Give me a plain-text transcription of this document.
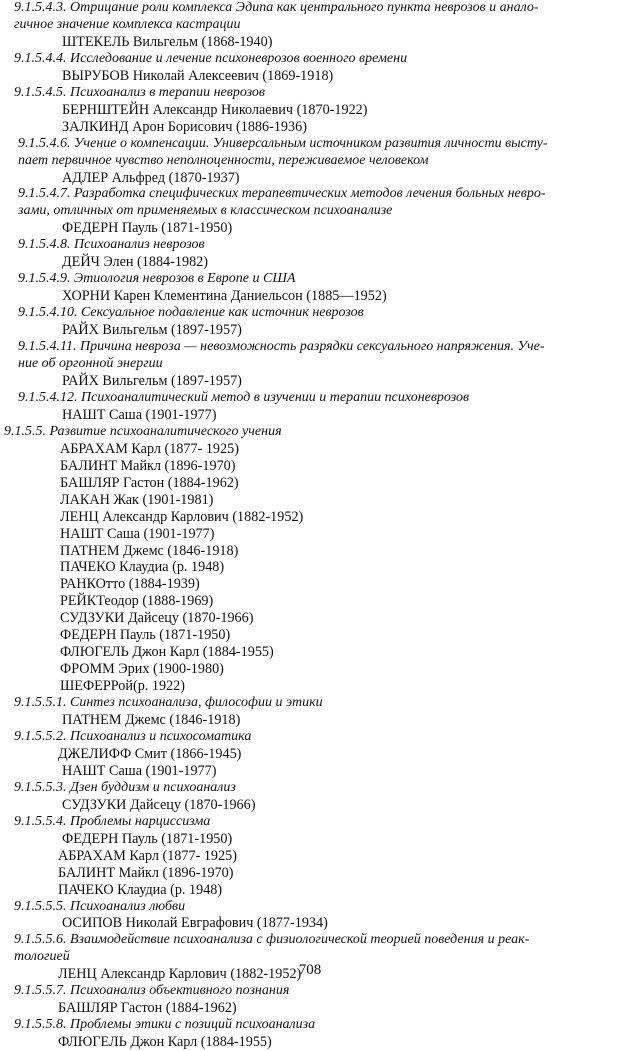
9.1.5.4.3. Отрицание роли комплекса Эдипа как центрального пункта неврозов и анало-
гичное значение комплекса кастрации
ШТЕКЕЛЬ Вильгельм (1868-1940)
9.1.5.4.4. Исследование и лечение психоневрозов военного времени
ВЫРУБОВ Николай Алексеевич (1869-1918)
9.1.5.4.5. Психоанализ в терапии неврозов
БЕРНШТЕЙН Александр Николаевич (1870-1922)
ЗАЛКИНД Арон Борисович (1886-1936)
9.1.5.4.6. Учение о компенсации. Универсальным источником развития личности высту-
пает первичное чувство неполноценности, переживаемое человеком
АДЛЕР Альфред (1870-1937)
9.1.5.4.7. Разработка специфических терапевтических методов лечения больных невро-
зами, отличных от применяемых в классическом психоанализе
ФЕДЕРН Пауль (1871-1950)
9.1.5.4.8. Психоанализ неврозов
ДЕЙЧ Элен (1884-1982)
9.1.5.4.9. Этиология неврозов в Европе и США
ХОРНИ Карен Клементина Даниельсон (1885—1952)
9.1.5.4.10. Сексуальное подавление как источник неврозов
РАЙХ Вильгельм (1897-1957)
9.1.5.4.11. Причина невроза — невозможность разрядки сексуального напряжения. Уче-
ние об оргонной энергии
РАЙХ Вильгельм (1897-1957)
9.1.5.4.12. Психоаналитический метод в изучении и терапии психоневрозов
НАШТ Саша (1901-1977)
9.1.5.5. Развитие психоаналитического учения
АБРАХАМ Карл (1877- 1925)
БАЛИНТ Майкл (1896-1970)
БАШЛЯР Гастон (1884-1962)
ЛАКАН Жак (1901-1981)
ЛЕНЦ Александр Карлович (1882-1952)
НАШТ Саша (1901-1977)
ПАТНЕМ Джемс (1846-1918)
ПАЧЕКО Клаудиа (р. 1948)
РАНКОтто (1884-1939)
РЕЙКТеодор (1888-1969)
СУДЗУКИ Дайсецу (1870-1966)
ФЕДЕРН Пауль (1871-1950)
ФЛЮГЕЛЬ Джон Карл (1884-1955)
ФРОММ Эрих (1900-1980)
ШЕФЕРРой(р. 1922)
9.1.5.5.1. Синтез психоанализа, философии и этики
ПАТНЕМ Джемс (1846-1918)
9.1.5.5.2. Психоанализ и психосоматика
ДЖЕЛИФФ Смит (1866-1945)
НАШТ Саша (1901-1977)
9.1.5.5.3. Дзен буддизм и психоанализ
СУДЗУКИ Дайсецу (1870-1966)
9.1.5.5.4. Проблемы нарциссизма
ФЕДЕРН Пауль (1871-1950)
АБРАХАМ Карл (1877- 1925)
БАЛИНТ Майкл (1896-1970)
ПАЧЕКО Клаудиа (р. 1948)
9.1.5.5.5. Психоанализ любви
ОСИПОВ Николай Евграфович (1877-1934)
9.1.5.5.6. Взаимодействие психоанализа с физиологической теорией поведения и реак-
тологией
ЛЕНЦ Александр Карлович (1882-1952)
9.1.5.5.7. Психоанализ объективного познания
БАШЛЯР Гастон (1884-1962)
9.1.5.5.8. Проблемы этики с позиций психоанализа
ФЛЮГЕЛЬ Джон Карл (1884-1955)
708
